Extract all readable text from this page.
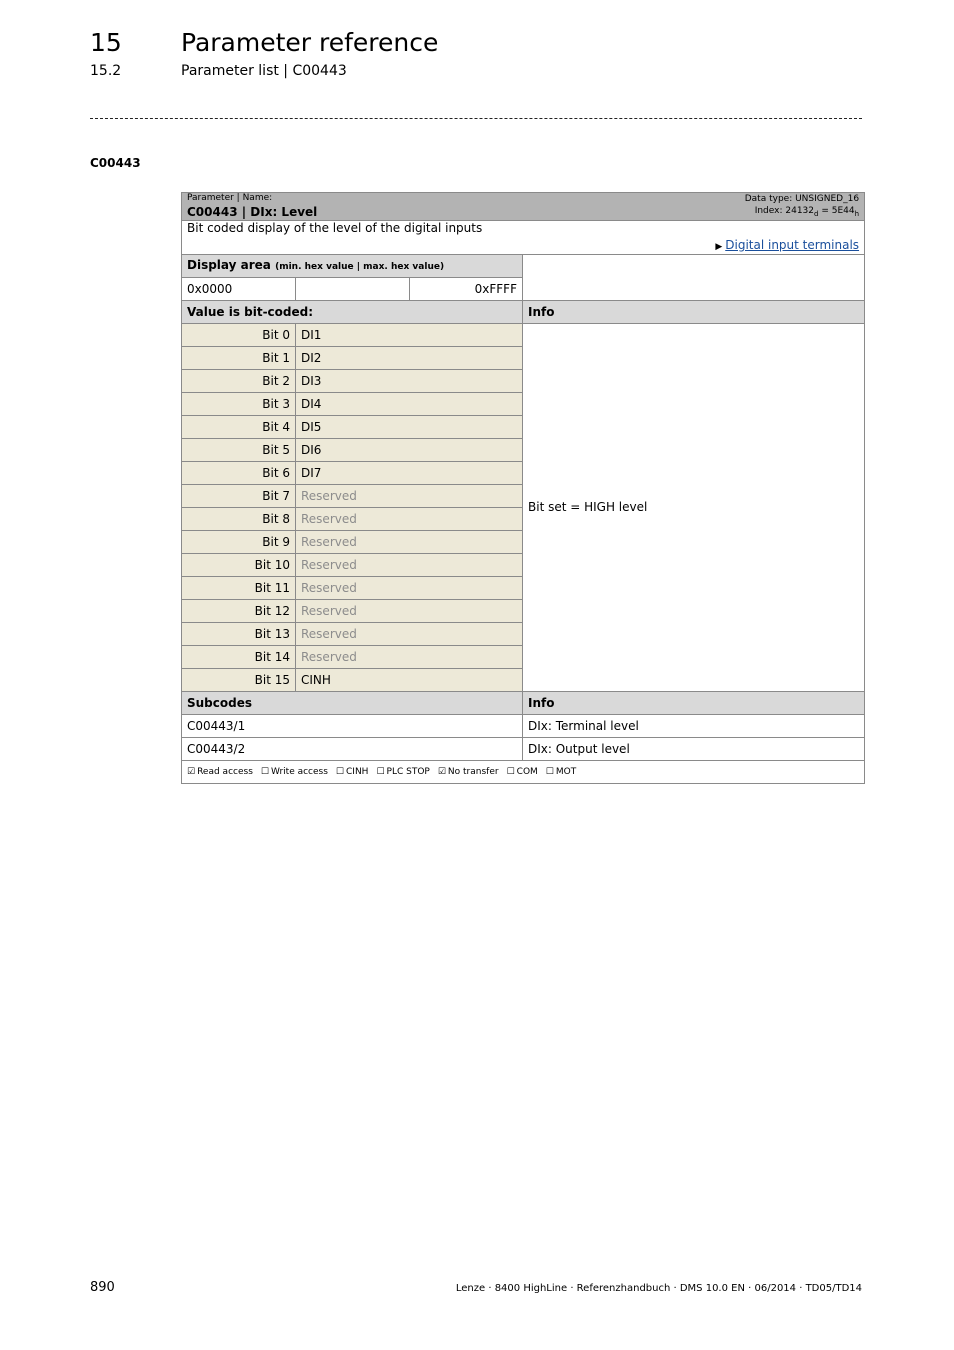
15 Parameter reference
15.2	Parameter list | C00443
C00443
Parameter | Name:
C00443 | DIx: Level
Data type: UNSIGNED_16
Index: $24132_d = 5E44_h$

Bit coded display of the level of the digital inputs
▶ Digital input terminals			

Display area (min. hex value | max. hex value)			
0x0000		0xFFFF	
Value is bit-coded:			Info
Bit 0	DI1		Bit set = HIGH level
Bit 1	DI2		
Bit 2	DI3		
Bit 3	DI4		
Bit 4	DI5		
Bit 5	DI6		
Bit 6	DI7		
Bit 7	Reserved		
Bit 8	Reserved		
Bit 9	Reserved		
Bit 10	Reserved		
Bit 11	Reserved		
Bit 12	Reserved		
Bit 13	Reserved		
Bit 14	Reserved		
Bit 15	CINH		
Subcodes			Info
C00443/1			DIx: Terminal level
C00443/2			DIx: Output level
☑ Read access ☐ Write access ☐ CINH ☐ PLC STOP ☑ No transfer ☐ COM ☐ MOT			
890	Lenze · 8400 HighLine · Referenzhandbuch · DMS 10.0 EN · 06/2014 · TD05/TD14
